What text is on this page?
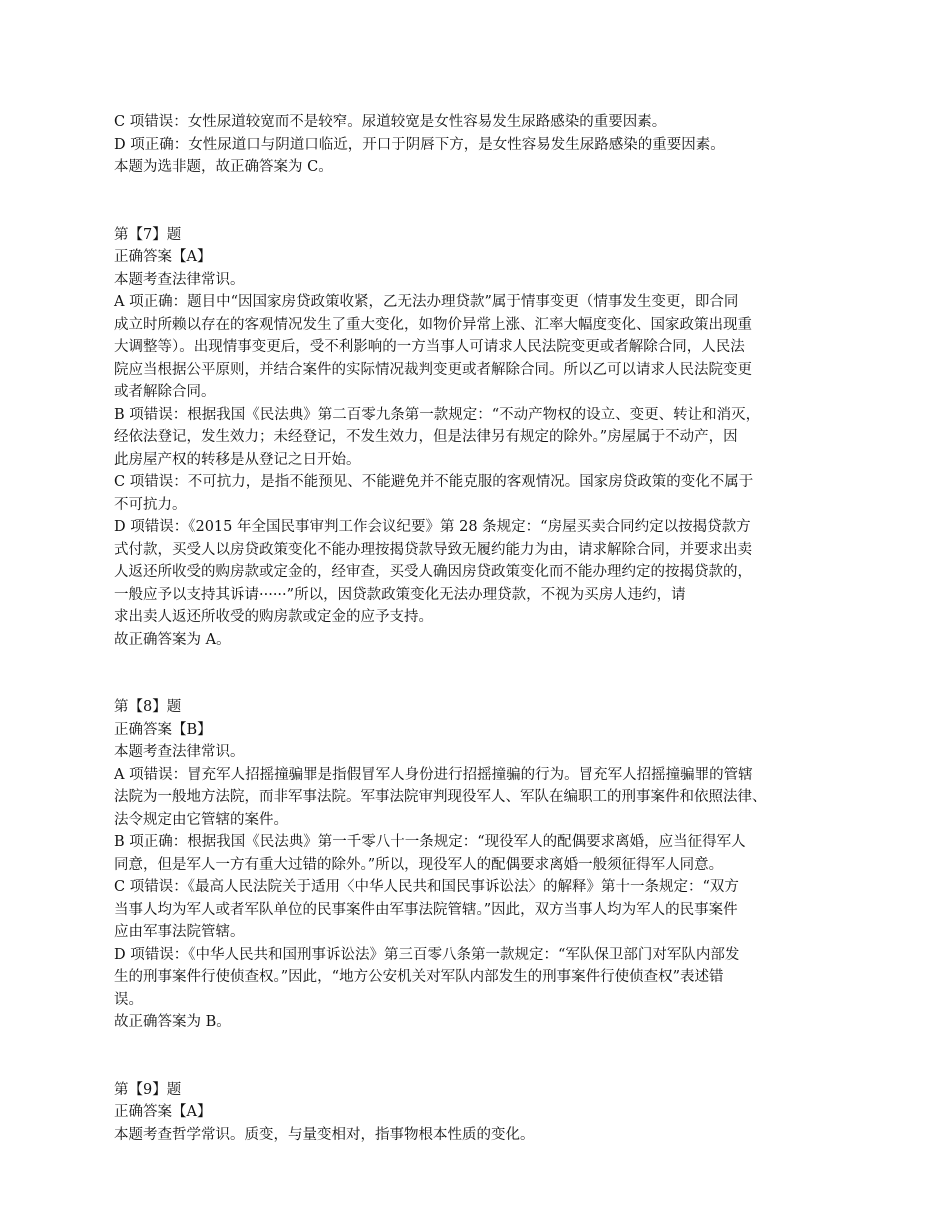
C 项错误：女性尿道较宽而不是较窄。尿道较宽是女性容易发生尿路感染的重要因素。
D 项正确：女性尿道口与阴道口临近，开口于阴唇下方，是女性容易发生尿路感染的重要因素。
本题为选非题，故正确答案为 C。
第【7】题
正确答案【A】
本题考查法律常识。
A 项正确：题目中“因国家房贷政策收紧，乙无法办理贷款”属于情事变更（情事发生变更，即合同
成立时所赖以存在的客观情况发生了重大变化，如物价异常上涨、汇率大幅度变化、国家政策出现重
大调整等）。出现情事变更后，受不利影响的一方当事人可请求人民法院变更或者解除合同，人民法
院应当根据公平原则，并结合案件的实际情况裁判变更或者解除合同。所以乙可以请求人民法院变更
或者解除合同。
B 项错误：根据我国《民法典》第二百零九条第一款规定：“不动产物权的设立、变更、转让和消灭，
经依法登记，发生效力；未经登记，不发生效力，但是法律另有规定的除外。”房屋属于不动产，因
此房屋产权的转移是从登记之日开始。
C 项错误：不可抗力，是指不能预见、不能避免并不能克服的客观情况。国家房贷政策的变化不属于
不可抗力。
D 项错误：《2015 年全国民事审判工作会议纪要》第 28 条规定：“房屋买卖合同约定以按揭贷款方
式付款，买受人以房贷政策变化不能办理按揭贷款导致无履约能力为由，请求解除合同，并要求出卖
人返还所收受的购房款或定金的，经审查，买受人确因房贷政策变化而不能办理约定的按揭贷款的，
一般应予以支持其诉请······”所以，因贷款政策变化无法办理贷款，不视为买房人违约，请
求出卖人返还所收受的购房款或定金的应予支持。
故正确答案为 A。
第【8】题
正确答案【B】
本题考查法律常识。
A 项错误：冒充军人招摇撞骗罪是指假冒军人身份进行招摇撞骗的行为。冒充军人招摇撞骗罪的管辖
法院为一般地方法院，而非军事法院。军事法院审判现役军人、军队在编职工的刑事案件和依照法律、
法令规定由它管辖的案件。
B 项正确：根据我国《民法典》第一千零八十一条规定：“现役军人的配偶要求离婚，应当征得军人
同意，但是军人一方有重大过错的除外。”所以，现役军人的配偶要求离婚一般须征得军人同意。
C 项错误：《最高人民法院关于适用〈中华人民共和国民事诉讼法〉的解释》第十一条规定：“双方
当事人均为军人或者军队单位的民事案件由军事法院管辖。”因此，双方当事人均为军人的民事案件
应由军事法院管辖。
D 项错误：《中华人民共和国刑事诉讼法》第三百零八条第一款规定：“军队保卫部门对军队内部发
生的刑事案件行使侦查权。”因此，“地方公安机关对军队内部发生的刑事案件行使侦查权”表述错
误。
故正确答案为 B。
第【9】题
正确答案【A】
本题考查哲学常识。质变，与量变相对，指事物根本性质的变化。
